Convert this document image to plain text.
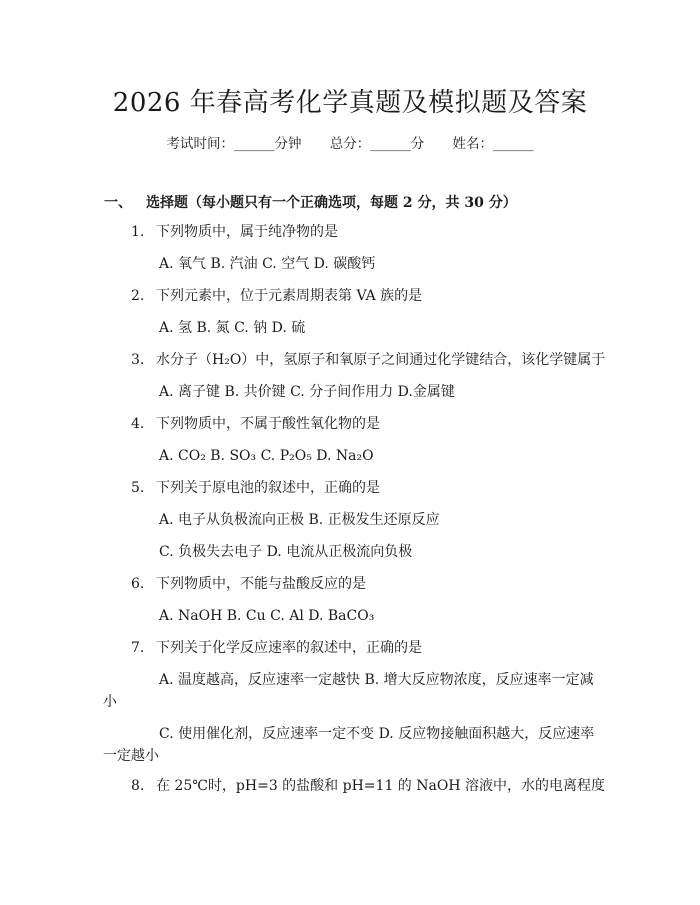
2026 年春高考化学真题及模拟题及答案
考试时间：______分钟 总分：______分 姓名：______
一、 选择题（每小题只有一个正确选项，每题 2 分，共 30 分）
1. 下列物质中，属于纯净物的是
A. 氧气 B. 汽油 C. 空气 D. 碳酸钙
2. 下列元素中，位于元素周期表第 VA 族的是
A. 氢 B. 氮 C. 钠 D. 硫
3. 水分子（H₂O）中，氢原子和氧原子之间通过化学键结合，该化学键属于
A. 离子键 B. 共价键 C. 分子间作用力 D.金属键
4. 下列物质中，不属于酸性氧化物的是
A. CO₂ B. SO₃ C. P₂O₅ D. Na₂O
5. 下列关于原电池的叙述中，正确的是
A. 电子从负极流向正极 B. 正极发生还原反应
C. 负极失去电子 D. 电流从正极流向负极
6. 下列物质中，不能与盐酸反应的是
A. NaOH B. Cu C. Al D. BaCO₃
7. 下列关于化学反应速率的叙述中，正确的是
A. 温度越高，反应速率一定越快 B. 增大反应物浓度，反应速率一定减
小
C. 使用催化剂，反应速率一定不变 D. 反应物接触面积越大，反应速率
一定越小
8. 在 25℃时，pH=3 的盐酸和 pH=11 的 NaOH 溶液中，水的电离程度
